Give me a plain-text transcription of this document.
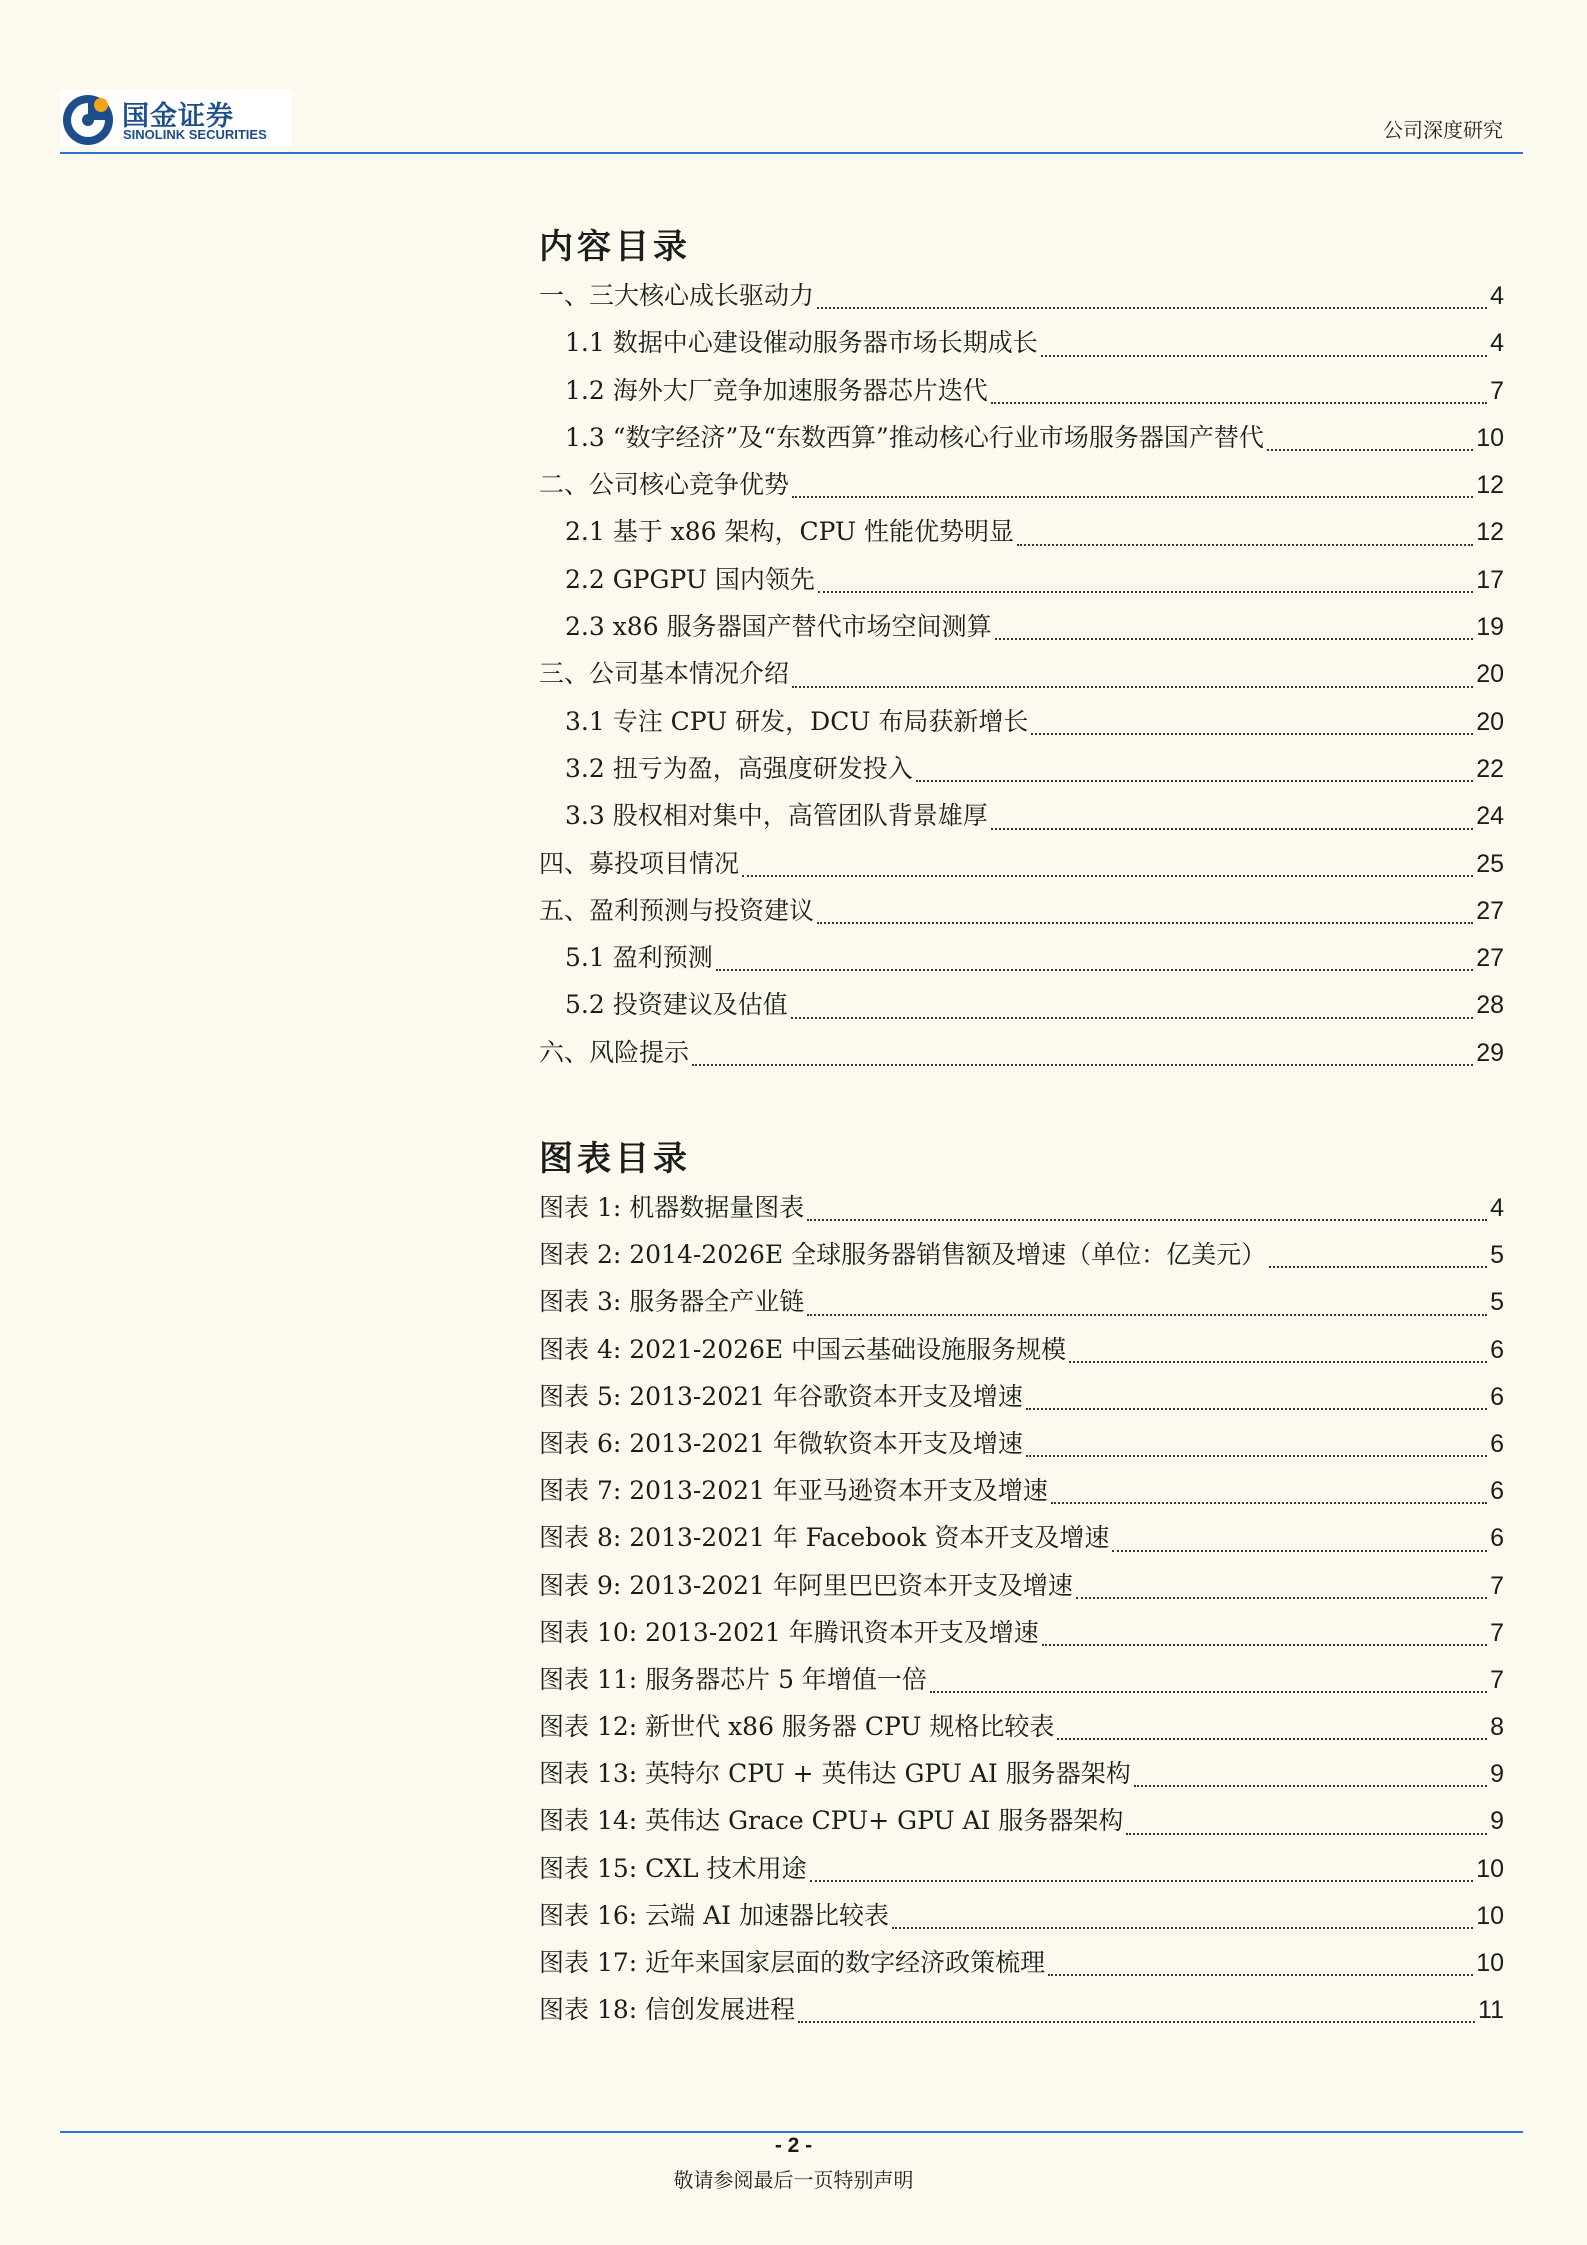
国金证券
SINOLINK SECURITIES	公司深度研究
内容目录
一、三大核心成长驱动力	4
1.1 数据中心建设催动服务器市场长期成长	4
1.2 海外大厂竞争加速服务器芯片迭代	7
1.3 “数字经济”及“东数西算”推动核心行业市场服务器国产替代	10
二、公司核心竞争优势	12
2.1 基于 x86 架构，CPU 性能优势明显	12
2.2 GPGPU 国内领先	17
2.3 x86 服务器国产替代市场空间测算	19
三、公司基本情况介绍	20
3.1 专注 CPU 研发，DCU 布局获新增长	20
3.2 扭亏为盈，高强度研发投入	22
3.3 股权相对集中，高管团队背景雄厚	24
四、募投项目情况	25
五、盈利预测与投资建议	27
5.1 盈利预测	27
5.2 投资建议及估值	28
六、风险提示	29
图表目录
图表 1: 机器数据量图表	4
图表 2: 2014-2026E 全球服务器销售额及增速（单位：亿美元）	5
图表 3: 服务器全产业链	5
图表 4: 2021-2026E 中国云基础设施服务规模	6
图表 5: 2013-2021 年谷歌资本开支及增速	6
图表 6: 2013-2021 年微软资本开支及增速	6
图表 7: 2013-2021 年亚马逊资本开支及增速	6
图表 8: 2013-2021 年 Facebook 资本开支及增速	6
图表 9: 2013-2021 年阿里巴巴资本开支及增速	7
图表 10: 2013-2021 年腾讯资本开支及增速	7
图表 11: 服务器芯片 5 年增值一倍	7
图表 12: 新世代 x86 服务器 CPU 规格比较表	8
图表 13: 英特尔 CPU + 英伟达 GPU AI 服务器架构	9
图表 14: 英伟达 Grace CPU+ GPU AI 服务器架构	9
图表 15: CXL 技术用途	10
图表 16: 云端 AI 加速器比较表	10
图表 17: 近年来国家层面的数字经济政策梳理	10
图表 18: 信创发展进程	11
- 2 -
敬请参阅最后一页特别声明
